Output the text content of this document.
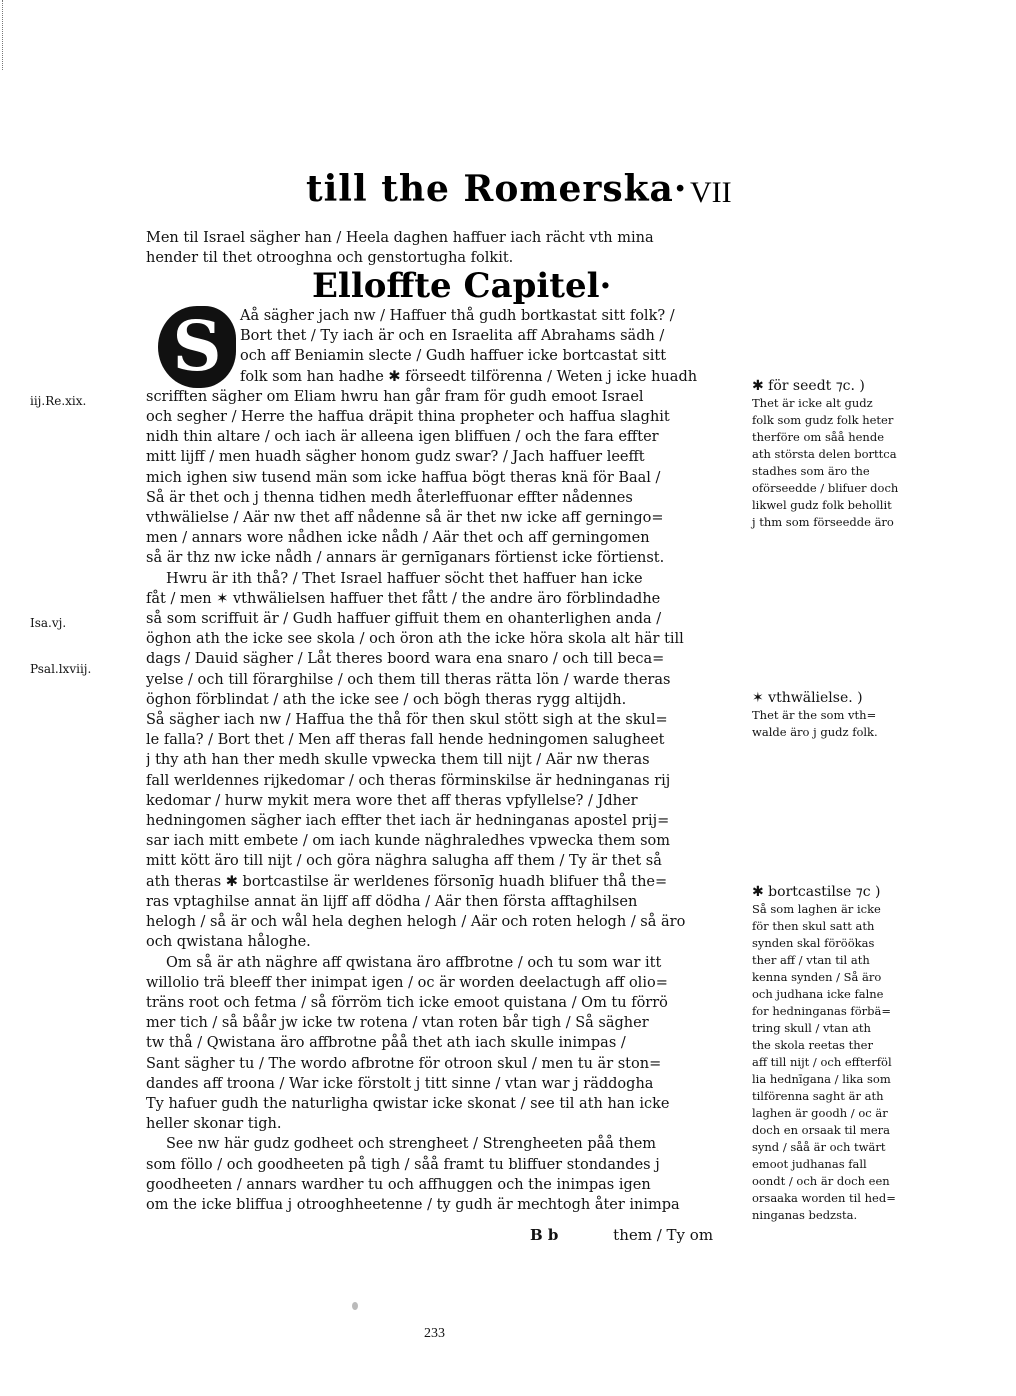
till the Romerska· VII
Men til Israel sägher han / Heela daghen haffuer iach rächt vth mina
hender til thet otrooghna och genstortugha folkit.
Elloffte Capitel·
Aå sägher jach nw / Haffuer thå gudh bortkastat sitt folk? /
Bort thet / Ty iach är och en Israelita aff Abrahams sädh /
och aff Beniamin slecte / Gudh haffuer icke bortcastat sitt
folk som han hadhe ✱ förseedt tilförenna / Weten j icke huadh
scrifften sägher om Eliam hwru han går fram för gudh emoot Israel
och segher / Herre the haffua dräpit thina propheter och haffua slaghit
nidh thin altare / och iach är alleena igen bliffuen / och the fara effter
mitt lijff / men huadh sägher honom gudz swar? / Jach haffuer leefft
mich ighen siw tusend män som icke haffua bögt theras knä för Baal /
Så är thet och j thenna tidhen medh återleffuonar effter nådennes
vthwälielse / Aär nw thet aff nådenne så är thet nw icke aff gerningo=
men / annars wore nådhen icke nådh / Aär thet och aff gerningomen
så är thz nw icke nådh / annars är gernīganars förtienst icke förtienst.
Hwru är ith thå? / Thet Israel haffuer söcht thet haffuer han icke
fåt / men ✶ vthwälielsen haffuer thet fått / the andre äro förblindadhe
så som scriffuit är / Gudh haffuer giffuit them en ohanterlighen anda /
öghon ath the icke see skola / och öron ath the icke höra skola alt här till
dags / Dauid sägher / Låt theres boord wara ena snaro / och till beca=
yelse / och till förarghilse / och them till theras rätta lön / warde theras
öghon förblindat / ath the icke see / och bögh theras rygg altijdh.
Så sägher iach nw / Haffua the thå för then skul stött sigh at the skul=
le falla? / Bort thet / Men aff theras fall hende hedningomen salugheet
j thy ath han ther medh skulle vpwecka them till nijt / Aär nw theras
fall werldennes rijkedomar / och theras förminskilse är hedninganas rij
kedomar / hurw mykit mera wore thet aff theras vpfyllelse? / Jdher
hedningomen sägher iach effter thet iach är hedninganas apostel prij=
sar iach mitt embete / om iach kunde näghraledhes vpwecka them som
mitt kött äro till nijt / och göra näghra salugha aff them / Ty är thet så
ath theras ✱ bortcastilse är werldenes försonīg huadh blifuer thå the=
ras vptaghilse annat än lijff aff dödha / Aär then första afftaghilsen
helogh / så är och wål hela deghen helogh / Aär och roten helogh / så äro
och qwistana håloghe.
Om så är ath näghre aff qwistana äro affbrotne / och tu som war itt
willolio trä bleeff ther inimpat igen / oc är worden deelactugh aff olio=
träns root och fetma / så förröm tich icke emoot quistana / Om tu förrö
mer tich / så båår jw icke tw rotena / vtan roten bår tigh / Så sägher
tw thå / Qwistana äro affbrotne påå thet ath iach skulle inimpas /
Sant sägher tu / The wordo afbrotne för otroon skul / men tu är ston=
dandes aff troona / War icke förstolt j titt sinne / vtan war j räddogha
Ty hafuer gudh the naturligha qwistar icke skonat / see til ath han icke
heller skonar tigh.
See nw här gudz godheet och strengheet / Strengheeten påå them
som föllo / och goodheeten på tigh / såå framt tu bliffuer stondandes j
goodheeten / annars wardher tu och affhuggen och the inimpas igen
om the icke bliffua j otrooghheetenne / ty gudh är mechtogh åter inimpa
S
iij.Re.xix.
Isa.vj.
Psal.lxviij.
✱ för seedt ⁊c. )
Thet är icke alt gudz
folk som gudz folk heter
therföre om såå hende
ath största delen borttca
stadhes som äro the
oförseedde / blifuer doch
likwel gudz folk behollit
j thm som förseedde äro
✶ vthwälielse. )
Thet är the som vth=
walde äro j gudz folk.
✱ bortcastilse ⁊c )
Så som laghen är icke
för then skul satt ath
synden skal föröökas
ther aff / vtan til ath
kenna synden / Så äro
och judhana icke falne
for hedninganas förbä=
tring skull / vtan ath
the skola reetas ther
aff till nijt / och effterföl
lia hednīgana / lika som
tilförenna saght är ath
laghen är goodh / oc är
doch en orsaak til mera
synd / såå är och twärt
emoot judhanas fall
oondt / och är doch een
orsaaka worden til hed=
ninganas bedzsta.
B b	them / Ty om
233
